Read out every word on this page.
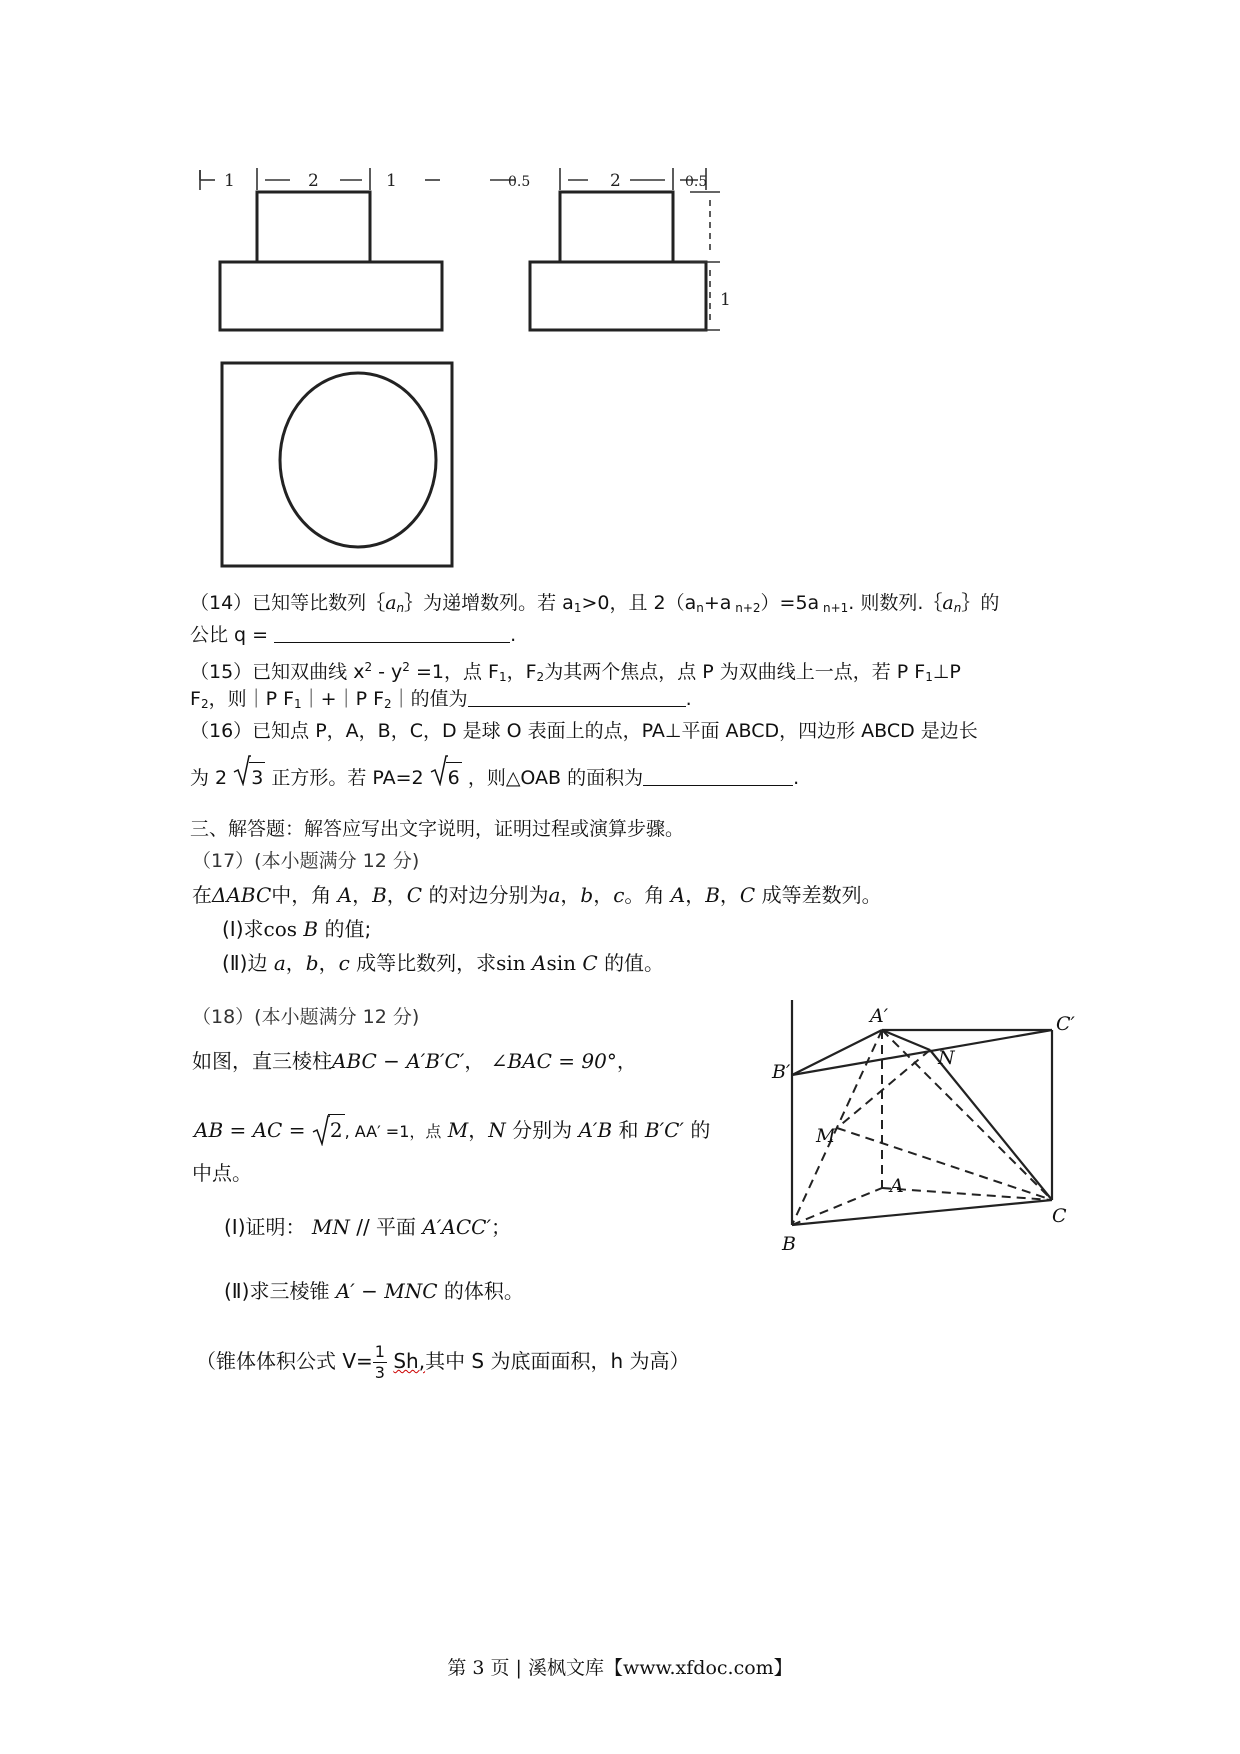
1	2	1	0.5	2	0.5
1
（14）已知等比数列$\{a_n\}$为递增数列。若 $a_1>0$，且 $2(a_n+a$ $_{n+2}$）=5a $_{n+1}$. 则数列$.\{a_n\}$的
公比 q =	.
（15）已知双曲线 $x^2 - y^2 =1$，点 $F_1$，$F_2$为其两个焦点，点 P 为双曲线上一点，若 P $F_1\perp P$
$F_2$，则｜P $F_1|+|P$ $F_2|$的值为	.
（16）已知点 P，A，B，C，D 是球 O 表面上的点，PA⊥平面 ABCD，四边形 ABCD 是边长
为 2 3 正方形。若 PA=2 6 ，则△OAB 的面积为	.
三、解答题：解答应写出文字说明，证明过程或演算步骤。
（17）(本小题满分 12 分)
在ΔABC中，角 A，B，C 的对边分别为a，b，c。角 A，B，C 成等差数列。
(Ⅰ)求cos B 的值;
(Ⅱ)边 a，b，c 成等比数列，求sin Asin C 的值。
（18）(本小题满分 12 分)
如图，直三棱柱ABC − A′B′C′， ∠BAC = 90°，
AB = AC = 2 , AA′ =1，点 M，N 分别为 A′B 和 B′C′ 的
中点。
(Ⅰ)证明： MN // 平面 A′ACC′；
(Ⅱ)求三棱锥 A′ − MNC 的体积。
（锥体体积公式 $V= \frac{1}{3} Sh$,其中 S 为底面面积，h 为高）
A′	C′
B′
N
M
A
C
B
第 3 页 | 溪枫文库【www.xfdoc.com】
